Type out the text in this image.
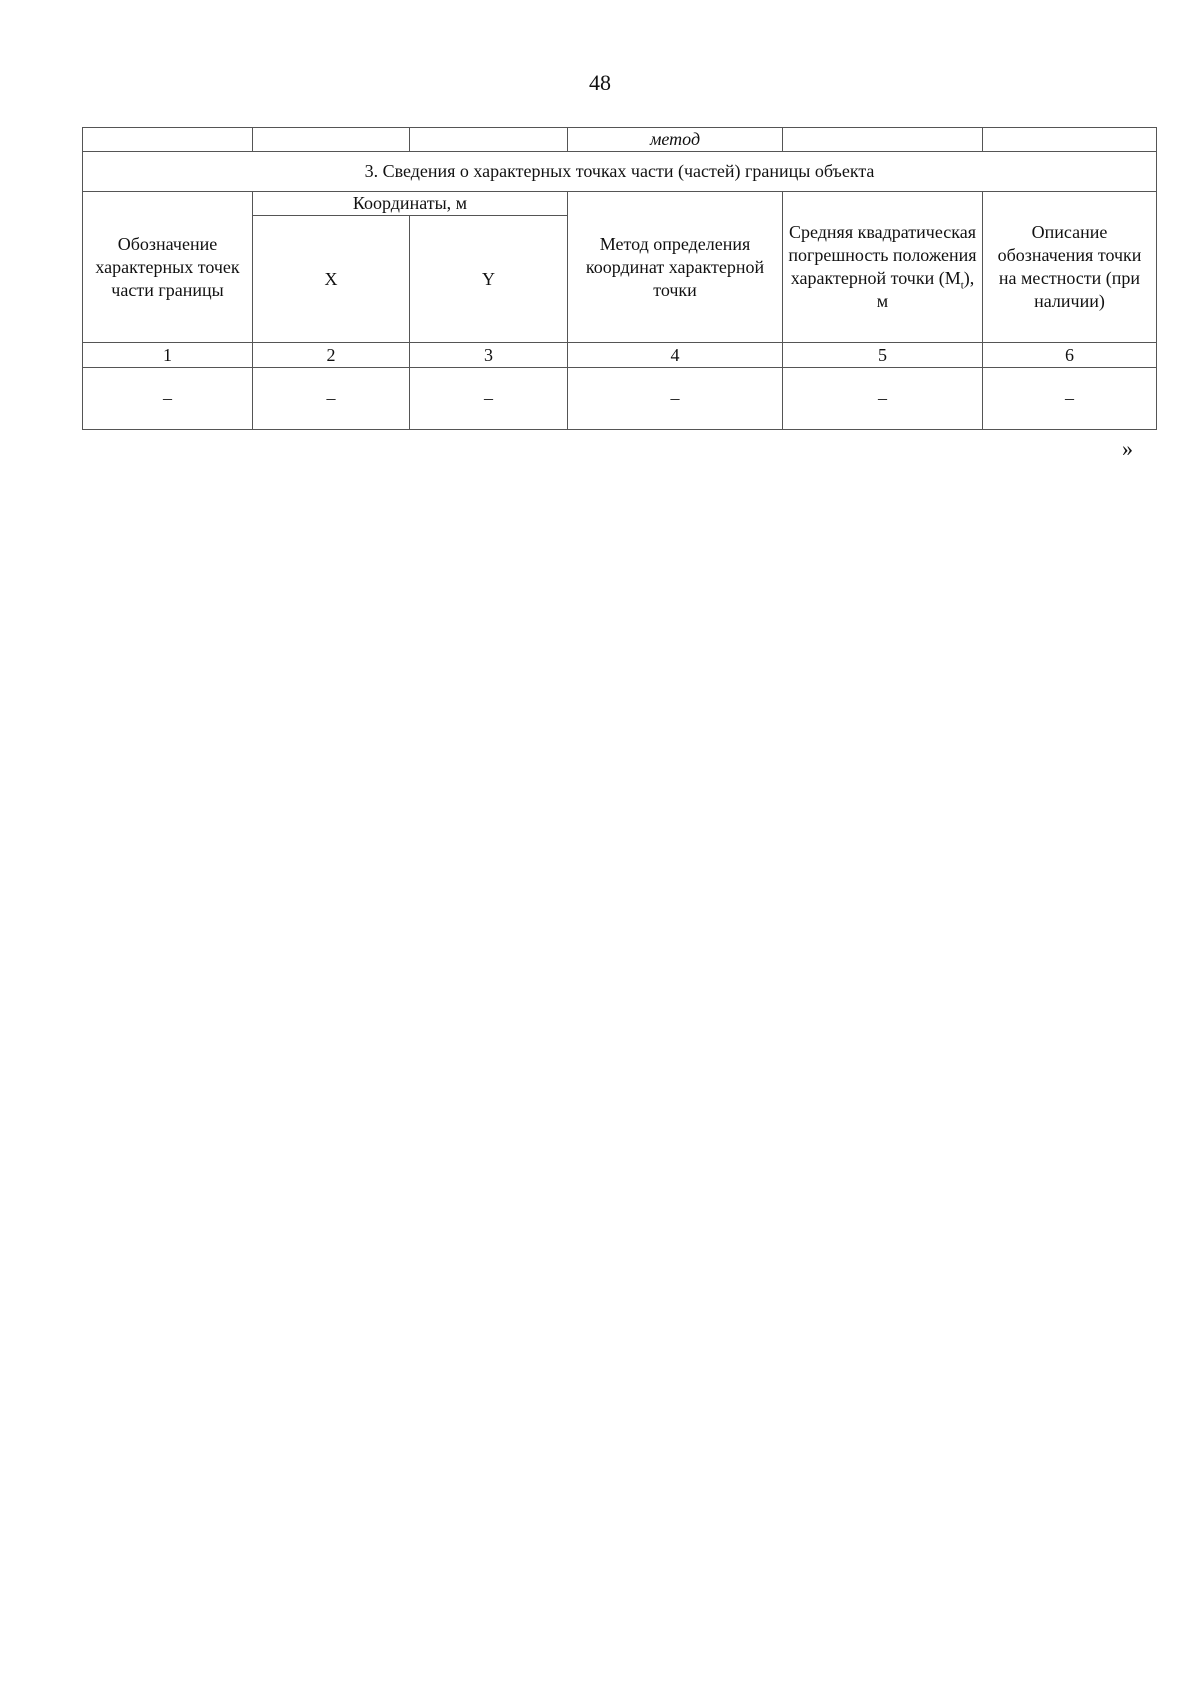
48
			метод		
3. Сведения о характерных точках части (частей) границы объекта					
Обозначение характерных точек части границы	Координаты, м		Метод определения координат характерной точки	Средняя квадратическая погрешность положения характерной точки $(M_t)$, м	Описание обозначения точки на местности (при наличии)
	X	Y			
1	2	3	4	5	6
–	–	–	–	–	–
»
